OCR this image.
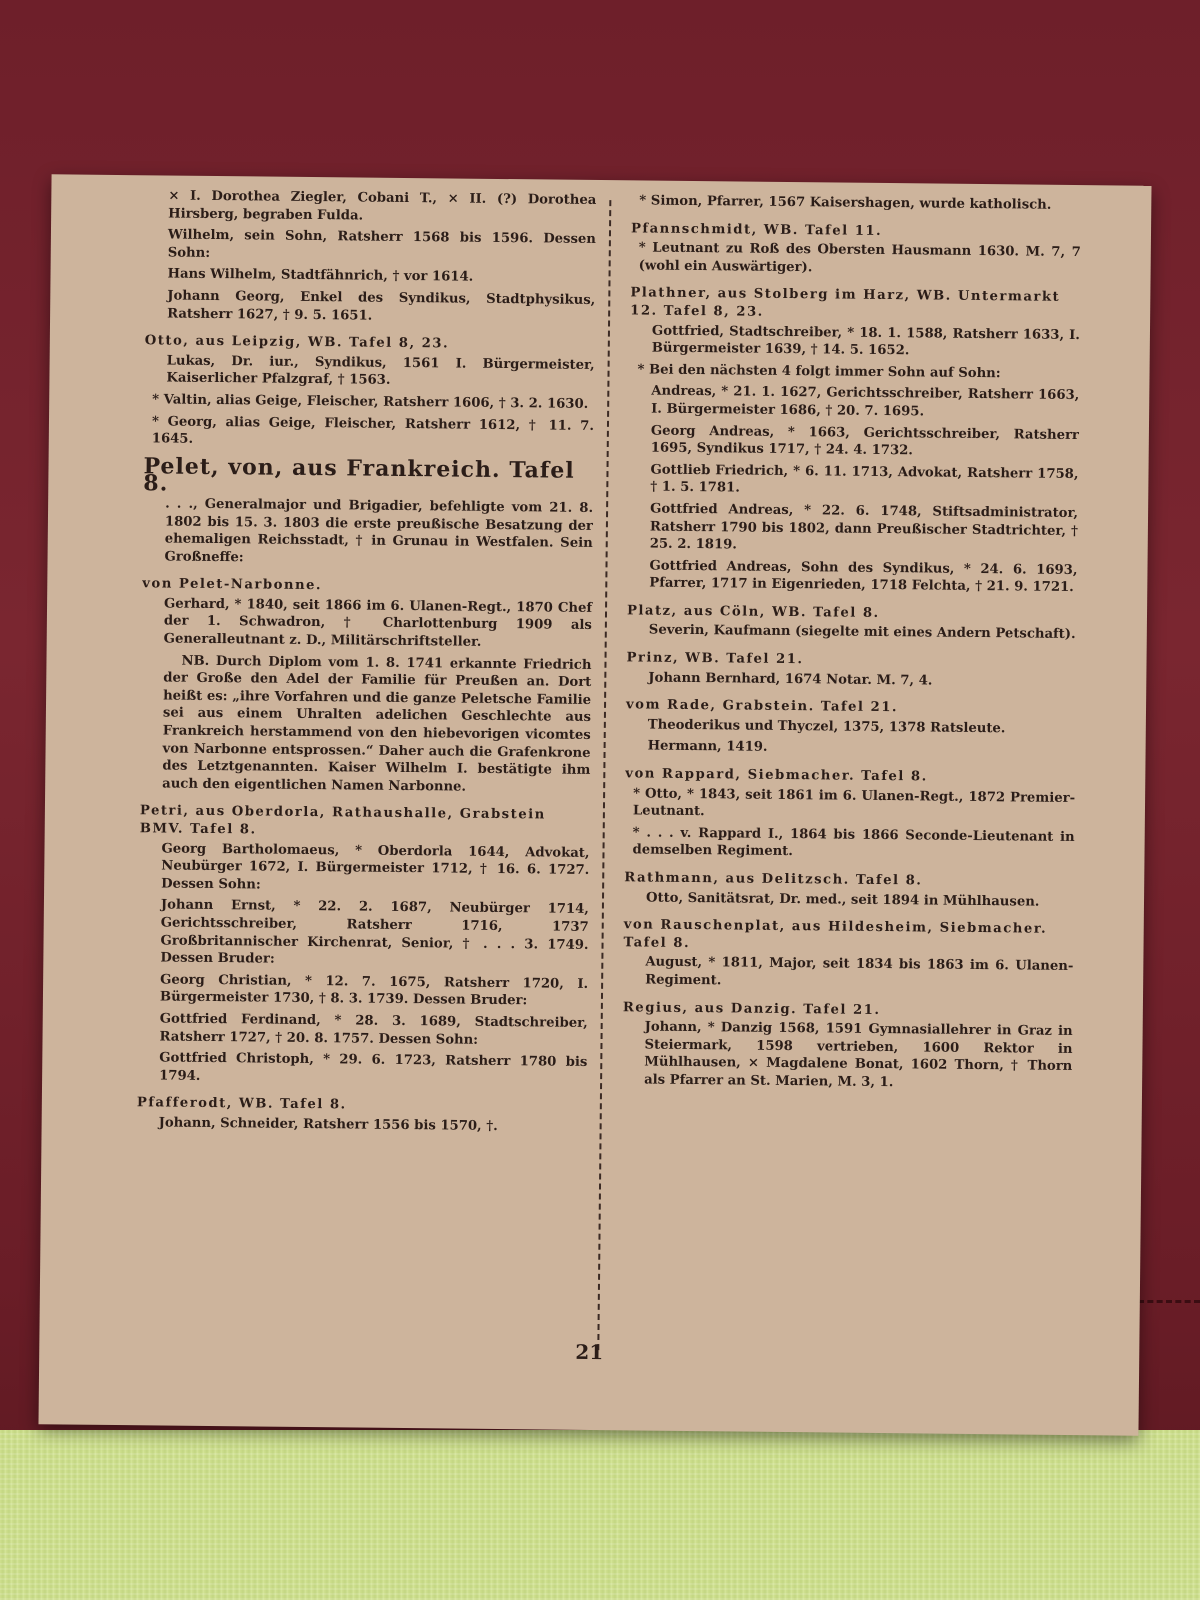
× I. Dorothea Ziegler, Cobani T., × II. (?) Dorothea Hirsberg, begraben Fulda.
Wilhelm, sein Sohn, Ratsherr 1568 bis 1596. Dessen Sohn:
Hans Wilhelm, Stadtfähnrich, † vor 1614.
Johann Georg, Enkel des Syndikus, Stadtphysikus, Ratsherr 1627, † 9. 5. 1651.
Otto, aus Leipzig, WB. Tafel 8, 23.
Lukas, Dr. iur., Syndikus, 1561 I. Bürgermeister, Kaiserlicher Pfalzgraf, † 1563.
* Valtin, alias Geige, Fleischer, Ratsherr 1606, † 3. 2. 1630.
* Georg, alias Geige, Fleischer, Ratsherr 1612, † 11. 7. 1645.
Pelet, von, aus Frankreich. Tafel 8.
. . ., Generalmajor und Brigadier, befehligte vom 21. 8. 1802 bis 15. 3. 1803 die erste preußische Besatzung der ehemaligen Reichsstadt, † in Grunau in Westfalen. Sein Großneffe:
von Pelet-Narbonne.
Gerhard, * 1840, seit 1866 im 6. Ulanen-Regt., 1870 Chef der 1. Schwadron, † Charlottenburg 1909 als Generalleutnant z. D., Militärschriftsteller.
NB. Durch Diplom vom 1. 8. 1741 erkannte Friedrich der Große den Adel der Familie für Preußen an. Dort heißt es: „ihre Vorfahren und die ganze Peletsche Familie sei aus einem Uhralten adelichen Geschlechte aus Frankreich herstammend von den hiebevorigen vicomtes von Narbonne entsprossen.“ Daher auch die Grafenkrone des Letztgenannten. Kaiser Wilhelm I. bestätigte ihm auch den eigentlichen Namen Narbonne.
Petri, aus Oberdorla, Rathaushalle, Grabstein BMV. Tafel 8.
Georg Bartholomaeus, * Oberdorla 1644, Advokat, Neubürger 1672, I. Bürgermeister 1712, † 16. 6. 1727. Dessen Sohn:
Johann Ernst, * 22. 2. 1687, Neubürger 1714, Gerichtsschreiber, Ratsherr 1716, 1737 Großbritannischer Kirchenrat, Senior, † . . . 3. 1749. Dessen Bruder:
Georg Christian, * 12. 7. 1675, Ratsherr 1720, I. Bürgermeister 1730, † 8. 3. 1739. Dessen Bruder:
Gottfried Ferdinand, * 28. 3. 1689, Stadtschreiber, Ratsherr 1727, † 20. 8. 1757. Dessen Sohn:
Gottfried Christoph, * 29. 6. 1723, Ratsherr 1780 bis 1794.
Pfafferodt, WB. Tafel 8.
Johann, Schneider, Ratsherr 1556 bis 1570, †.
* Simon, Pfarrer, 1567 Kaisershagen, wurde katholisch.
Pfannschmidt, WB. Tafel 11.
* Leutnant zu Roß des Obersten Hausmann 1630. M. 7, 7 (wohl ein Auswärtiger).
Plathner, aus Stolberg im Harz, WB. Untermarkt 12. Tafel 8, 23.
Gottfried, Stadtschreiber, * 18. 1. 1588, Ratsherr 1633, I. Bürgermeister 1639, † 14. 5. 1652.
* Bei den nächsten 4 folgt immer Sohn auf Sohn:
Andreas, * 21. 1. 1627, Gerichtsschreiber, Ratsherr 1663, I. Bürgermeister 1686, † 20. 7. 1695.
Georg Andreas, * 1663, Gerichtsschreiber, Ratsherr 1695, Syndikus 1717, † 24. 4. 1732.
Gottlieb Friedrich, * 6. 11. 1713, Advokat, Ratsherr 1758, † 1. 5. 1781.
Gottfried Andreas, * 22. 6. 1748, Stiftsadministrator, Ratsherr 1790 bis 1802, dann Preußischer Stadtrichter, † 25. 2. 1819.
Gottfried Andreas, Sohn des Syndikus, * 24. 6. 1693, Pfarrer, 1717 in Eigenrieden, 1718 Felchta, † 21. 9. 1721.
Platz, aus Cöln, WB. Tafel 8.
Severin, Kaufmann (siegelte mit eines Andern Petschaft).
Prinz, WB. Tafel 21.
Johann Bernhard, 1674 Notar. M. 7, 4.
vom Rade, Grabstein. Tafel 21.
Theoderikus und Thyczel, 1375, 1378 Ratsleute.
Hermann, 1419.
von Rappard, Siebmacher. Tafel 8.
* Otto, * 1843, seit 1861 im 6. Ulanen-Regt., 1872 Premier-Leutnant.
* . . . v. Rappard I., 1864 bis 1866 Seconde-Lieutenant in demselben Regiment.
Rathmann, aus Delitzsch. Tafel 8.
Otto, Sanitätsrat, Dr. med., seit 1894 in Mühlhausen.
von Rauschenplat, aus Hildesheim, Siebmacher. Tafel 8.
August, * 1811, Major, seit 1834 bis 1863 im 6. Ulanen-Regiment.
Regius, aus Danzig. Tafel 21.
Johann, * Danzig 1568, 1591 Gymnasiallehrer in Graz in Steiermark, 1598 vertrieben, 1600 Rektor in Mühlhausen, × Magdalene Bonat, 1602 Thorn, † Thorn als Pfarrer an St. Marien, M. 3, 1.
21
